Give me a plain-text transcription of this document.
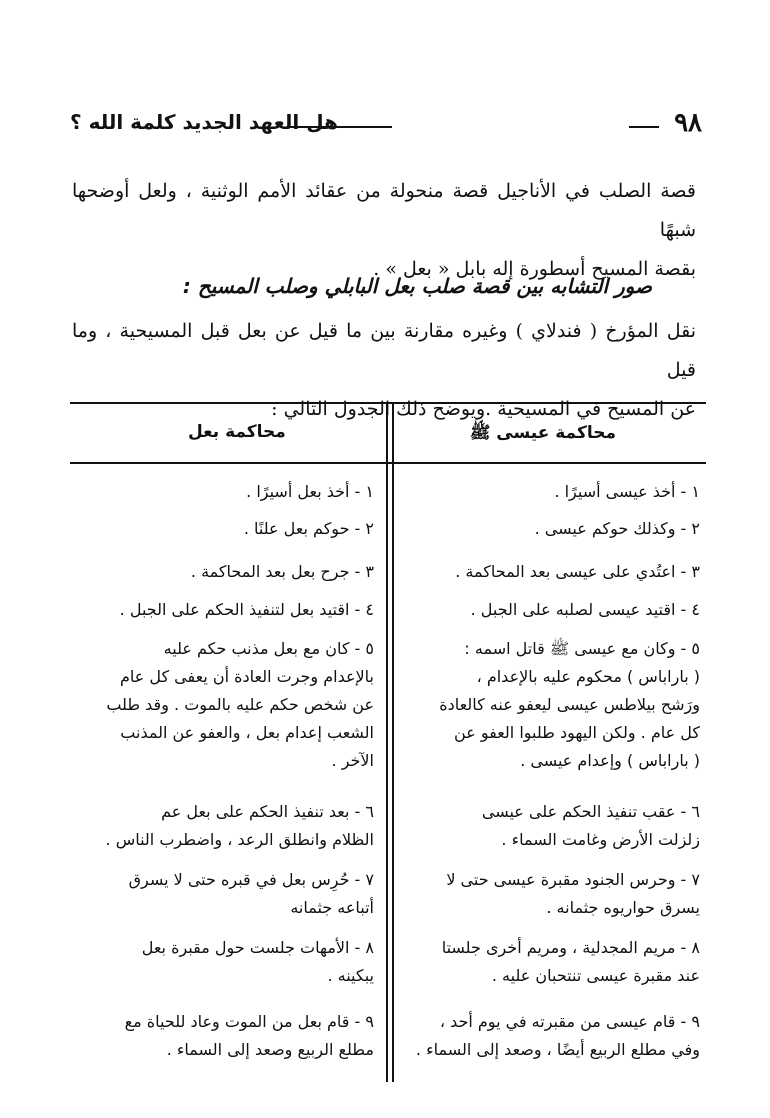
٩٨
هل العهد الجديد كلمة الله ؟
قصة الصلب في الأناجيل قصة منحولة من عقائد الأمم الوثنية ، ولعل أوضحها شبهًا
بقصة المسيح أسطورة إله بابل « بعل » .
صور التشابه بين قصة صلب بعل البابلي وصلب المسيح :
نقل المؤرخ ( فندلاي ) وغيره مقارنة بين ما قيل عن بعل قبل المسيحية ، وما قيل
عن المسيح في المسيحية .ويوضح ذلك الجدول التالي :
محاكمة عيسى ﷺ
محاكمة بعل
١ - أخذ عيسى أسيرًا .
١ - أخذ بعل أسيرًا .
٢ - وكذلك حوكم عيسى .
٢ - حوكم بعل علنًا .
٣ - اعتُدي على عيسى بعد المحاكمة .
٣ - جرح بعل بعد المحاكمة .
٤ - اقتيد عيسى لصلبه على الجبل .
٤ - اقتيد بعل لتنفيذ الحكم على الجبل .
٥ - وكان مع عيسى ﷺ قاتل اسمه :
( باراباس ) محكوم عليه بالإعدام ،
ورَشح بيلاطس عيسى ليعفو عنه كالعادة
كل عام . ولكن اليهود طلبوا العفو عن
( باراباس ) وإعدام عيسى .
٥ - كان مع بعل مذنب حكم عليه
بالإعدام وجرت العادة أن يعفى كل عام
عن شخص حكم عليه بالموت . وقد طلب
الشعب إعدام بعل ، والعفو عن المذنب
الآخر .
٦ - عقب تنفيذ الحكم على عيسى
زلزلت الأرض وغامت السماء .
٦ - بعد تنفيذ الحكم على بعل عم
الظلام وانطلق الرعد ، واضطرب الناس .
٧ - وحرس الجنود مقبرة عيسى حتى لا
يسرق حواريوه جثمانه .
٧ - حُرِس بعل في قبره حتى لا يسرق
أتباعه جثمانه
٨ - مريم المجدلية ، ومريم أخرى جلستا
عند مقبرة عيسى تنتحبان عليه .
٨ - الأمهات جلست حول مقبرة بعل
يبكينه .
٩ - قام عيسى من مقبرته في يوم أحد ،
وفي مطلع الربيع أيضًا ، وصعد إلى السماء .
٩ - قام بعل من الموت وعاد للحياة مع
مطلع الربيع وصعد إلى السماء .
